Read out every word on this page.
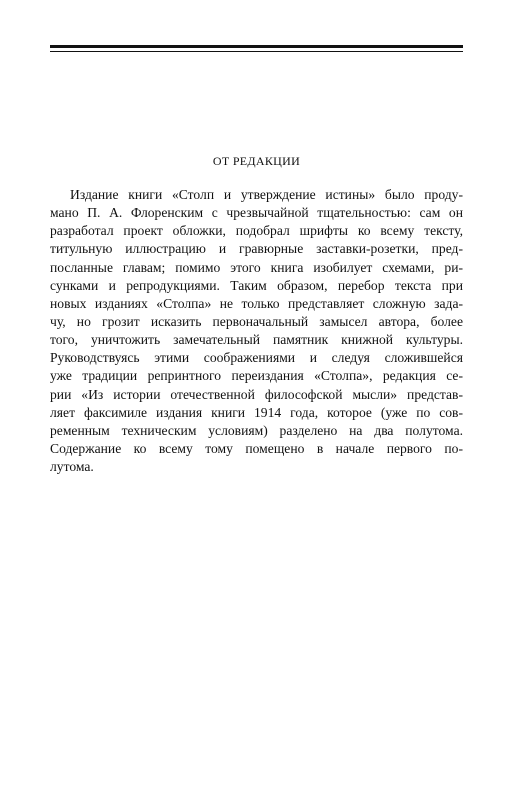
ОТ РЕДАКЦИИ
Издание книги «Столп и утверждение истины» было проду-
мано П. А. Флоренским с чрезвычайной тщательностью: сам он
разработал проект обложки, подобрал шрифты ко всему тексту,
титульную иллюстрацию и гравюрные заставки-розетки, пред-
посланные главам; помимо этого книга изобилует схемами, ри-
сунками и репродукциями. Таким образом, перебор текста при
новых изданиях «Столпа» не только представляет сложную зада-
чу, но грозит исказить первоначальный замысел автора, более
того, уничтожить замечательный памятник книжной культуры.
Руководствуясь этими соображениями и следуя сложившейся
уже традиции репринтного переиздания «Столпа», редакция се-
рии «Из истории отечественной философской мысли» представ-
ляет факсимиле издания книги 1914 года, которое (уже по сов-
ременным техническим условиям) разделено на два полутома.
Содержание ко всему тому помещено в начале первого по-
лутома.
